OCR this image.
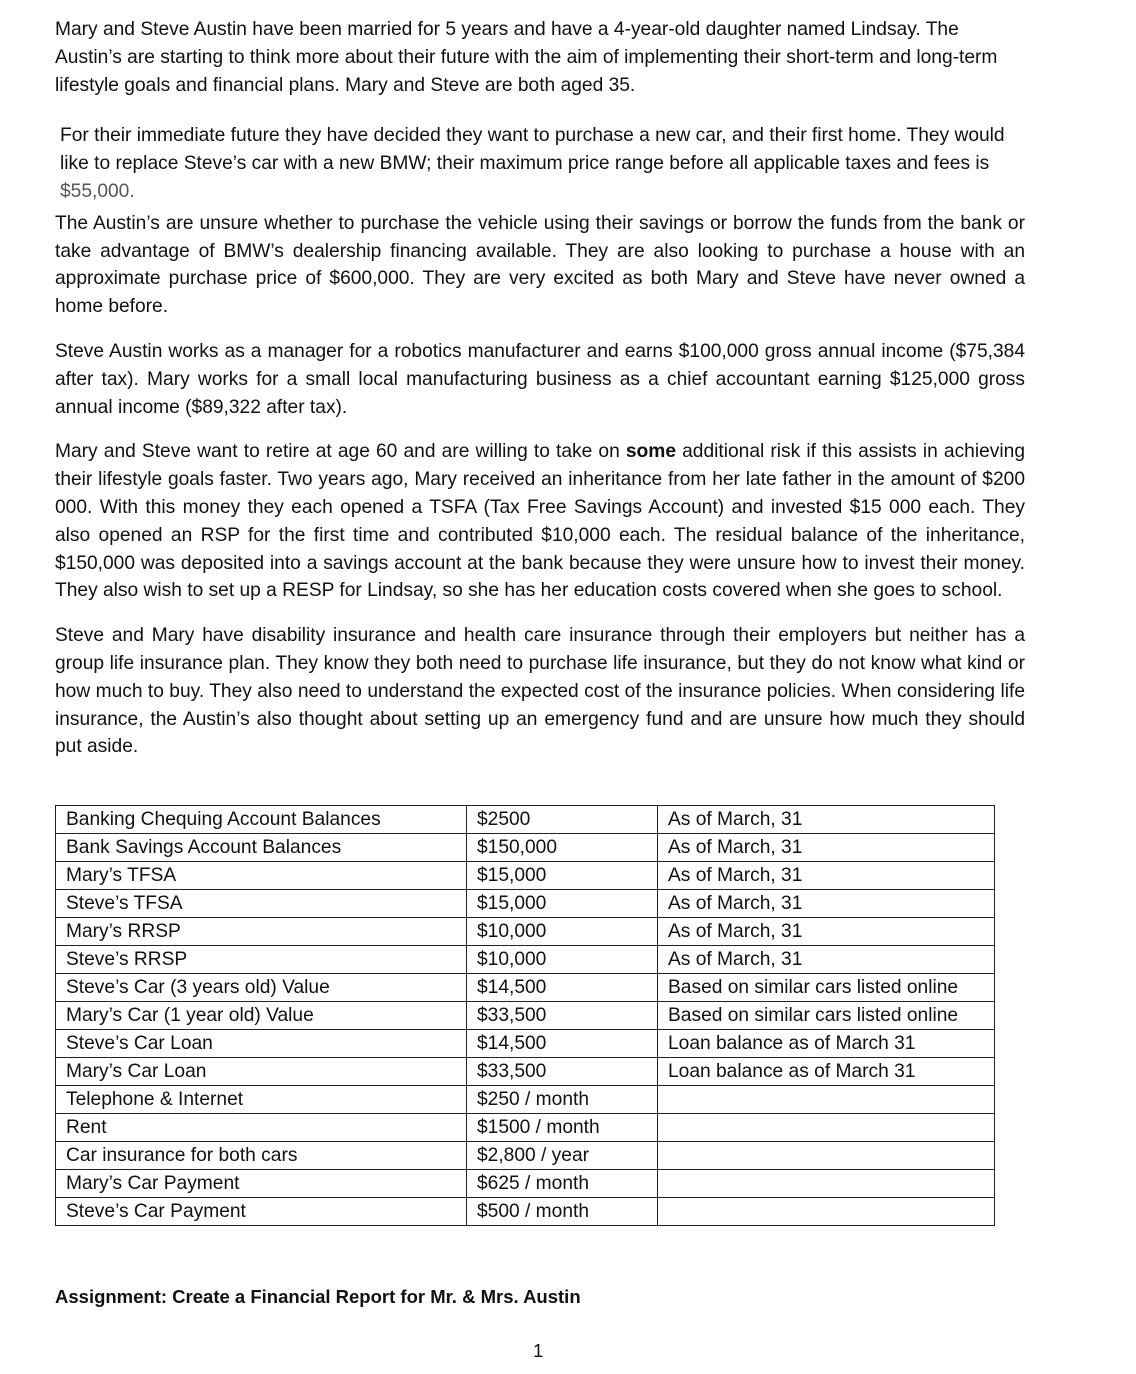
Mary and Steve Austin have been married for 5 years and have a 4-year-old daughter named Lindsay. The Austin’s are starting to think more about their future with the aim of implementing their short-term and long-term lifestyle goals and financial plans. Mary and Steve are both aged 35.

For their immediate future they have decided they want to purchase a new car, and their first home. They would like to replace Steve’s car with a new BMW; their maximum price range before all applicable taxes and fees is $55,000.

The Austin’s are unsure whether to purchase the vehicle using their savings or borrow the funds from the bank or take advantage of BMW’s dealership financing available. They are also looking to purchase a house with an approximate purchase price of $600,000. They are very excited as both Mary and Steve have never owned a home before.

Steve Austin works as a manager for a robotics manufacturer and earns $100,000 gross annual income ($75,384 after tax). Mary works for a small local manufacturing business as a chief accountant earning $125,000 gross annual income ($89,322 after tax).

Mary and Steve want to retire at age 60 and are willing to take on some additional risk if this assists in achieving their lifestyle goals faster. Two years ago, Mary received an inheritance from her late father in the amount of $200 000. With this money they each opened a TSFA (Tax Free Savings Account) and invested $15 000 each. They also opened an RSP for the first time and contributed $10,000 each. The residual balance of the inheritance, $150,000 was deposited into a savings account at the bank because they were unsure how to invest their money. They also wish to set up a RESP for Lindsay, so she has her education costs covered when she goes to school.

Steve and Mary have disability insurance and health care insurance through their employers but neither has a group life insurance plan. They know they both need to purchase life insurance, but they do not know what kind or how much to buy. They also need to understand the expected cost of the insurance policies. When considering life insurance, the Austin’s also thought about setting up an emergency fund and are unsure how much they should put aside.

Banking Chequing Account Balances	$2500	As of March, 31
Bank Savings Account Balances	$150,000	As of March, 31
Mary’s TFSA	$15,000	As of March, 31
Steve’s TFSA	$15,000	As of March, 31
Mary’s RRSP	$10,000	As of March, 31
Steve’s RRSP	$10,000	As of March, 31
Steve’s Car (3 years old) Value	$14,500	Based on similar cars listed online
Mary’s Car (1 year old) Value	$33,500	Based on similar cars listed online
Steve’s Car Loan	$14,500	Loan balance as of March 31
Mary’s Car Loan	$33,500	Loan balance as of March 31
Telephone & Internet	$250 / month	
Rent	$1500 / month	
Car insurance for both cars	$2,800 / year	
Mary’s Car Payment	$625 / month	
Steve’s Car Payment	$500 / month	
Assignment: Create a Financial Report for Mr. & Mrs. Austin
1
